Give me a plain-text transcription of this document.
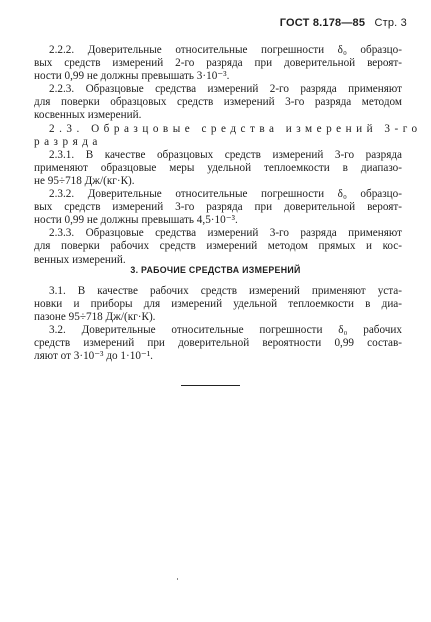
ГОСТ 8.178—85 Стр. 3
2.2.2. Доверительные относительные погрешности δ₀ образцо-
вых средств измерений 2-го разряда при доверительной вероят-
ности 0,99 не должны превышать 3·10⁻³.
2.2.3. Образцовые средства измерений 2-го разряда применяют
для поверки образцовых средств измерений 3-го разряда методом
косвенных измерений.
2.3. Образцовые средства измерений 3-го
разряда
2.3.1. В качестве образцовых средств измерений 3-го разряда
применяют образцовые меры удельной теплоемкости в диапазо-
не 95÷718 Дж/(кг·К).
2.3.2. Доверительные относительные погрешности δ₀ образцо-
вых средств измерений 3-го разряда при доверительной вероят-
ности 0,99 не должны превышать 4,5·10⁻³.
2.3.3. Образцовые средства измерений 3-го разряда применяют
для поверки рабочих средств измерений методом прямых и кос-
венных измерений.
3. РАБОЧИЕ СРЕДСТВА ИЗМЕРЕНИЙ
3.1. В качестве рабочих средств измерений применяют уста-
новки и приборы для измерений удельной теплоемкости в диа-
пазоне 95÷718 Дж/(кг·К).
3.2. Доверительные относительные погрешности δ₀ рабочих
средств измерений при доверительной вероятности 0,99 состав-
ляют от 3·10⁻³ до 1·10⁻¹.
